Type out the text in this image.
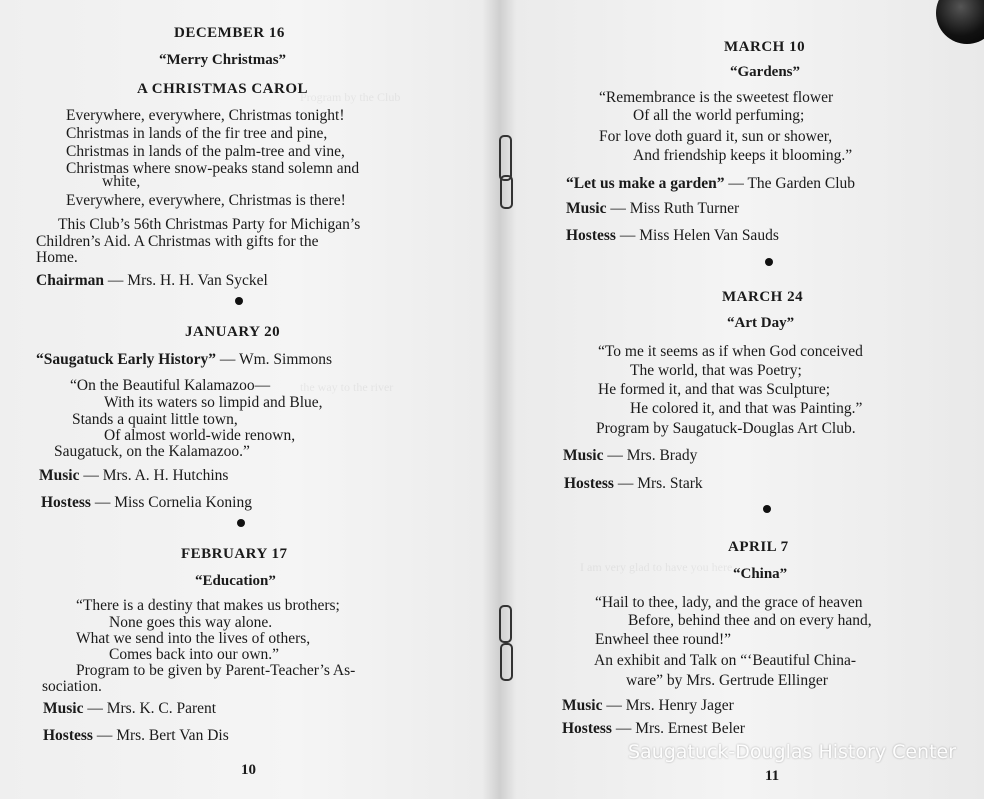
Program by the Club
the way to the river
I am very glad to have you here
DECEMBER 16
“Merry Christmas”
A CHRISTMAS CAROL
Everywhere, everywhere, Christmas tonight!
Christmas in lands of the fir tree and pine,
Christmas in lands of the palm-tree and vine,
Christmas where snow-peaks stand solemn and
white,
Everywhere, everywhere, Christmas is there!
This Club’s 56th Christmas Party for Michigan’s
Children’s Aid. A Christmas with gifts for the
Home.
Chairman — Mrs. H. H. Van Syckel
JANUARY 20
“Saugatuck Early History” — Wm. Simmons
“On the Beautiful Kalamazoo—
With its waters so limpid and Blue,
Stands a quaint little town,
Of almost world-wide renown,
Saugatuck, on the Kalamazoo.”
Music — Mrs. A. H. Hutchins
Hostess — Miss Cornelia Koning
FEBRUARY 17
“Education”
“There is a destiny that makes us brothers;
None goes this way alone.
What we send into the lives of others,
Comes back into our own.”
Program to be given by Parent-Teacher’s As-
sociation.
Music — Mrs. K. C. Parent
Hostess — Mrs. Bert Van Dis
10
MARCH 10
“Gardens”
“Remembrance is the sweetest flower
Of all the world perfuming;
For love doth guard it, sun or shower,
And friendship keeps it blooming.”
“Let us make a garden” — The Garden Club
Music — Miss Ruth Turner
Hostess — Miss Helen Van Sauds
MARCH 24
“Art Day”
“To me it seems as if when God conceived
The world, that was Poetry;
He formed it, and that was Sculpture;
He colored it, and that was Painting.”
Program by Saugatuck-Douglas Art Club.
Music — Mrs. Brady
Hostess — Mrs. Stark
APRIL 7
“China”
“Hail to thee, lady, and the grace of heaven
Before, behind thee and on every hand,
Enwheel thee round!”
An exhibit and Talk on “‘Beautiful China-
ware” by Mrs. Gertrude Ellinger
Music — Mrs. Henry Jager
Hostess — Mrs. Ernest Beler
11
Saugatuck-Douglas History Center
